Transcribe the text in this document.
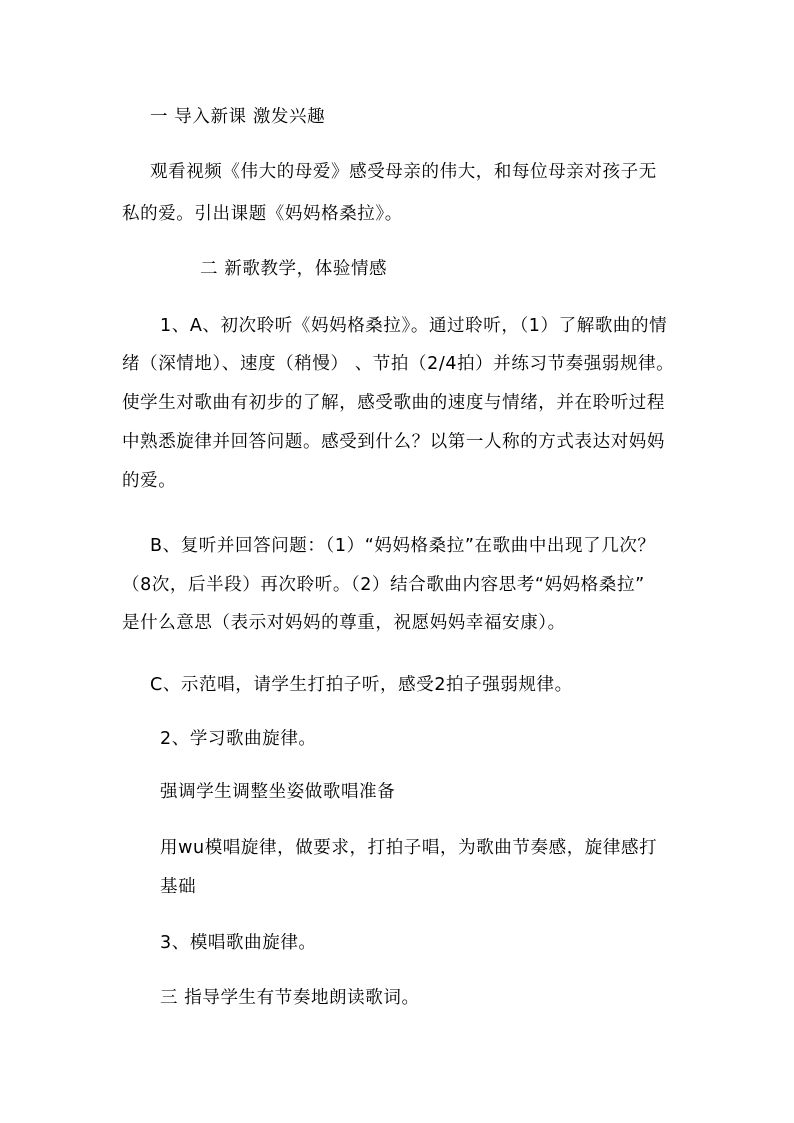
一 导入新课 激发兴趣
观看视频《伟大的母爱》感受母亲的伟大，和每位母亲对孩子无
私的爱。引出课题《妈妈格桑拉》。
二 新歌教学，体验情感
1、A、初次聆听《妈妈格桑拉》。通过聆听，（1）了解歌曲的情
绪（深情地）、速度（稍慢） 、节拍（2/4拍）并练习节奏强弱规律。
使学生对歌曲有初步的了解，感受歌曲的速度与情绪，并在聆听过程
中熟悉旋律并回答问题。感受到什么？以第一人称的方式表达对妈妈
的爱。
B、复听并回答问题：（1）“妈妈格桑拉”在歌曲中出现了几次？
（8次，后半段）再次聆听。（2）结合歌曲内容思考“妈妈格桑拉”
是什么意思（表示对妈妈的尊重，祝愿妈妈幸福安康）。
C、示范唱，请学生打拍子听，感受2拍子强弱规律。
2、学习歌曲旋律。
强调学生调整坐姿做歌唱准备
用wu模唱旋律，做要求，打拍子唱，为歌曲节奏感，旋律感打
基础
3、模唱歌曲旋律。
三 指导学生有节奏地朗读歌词。
